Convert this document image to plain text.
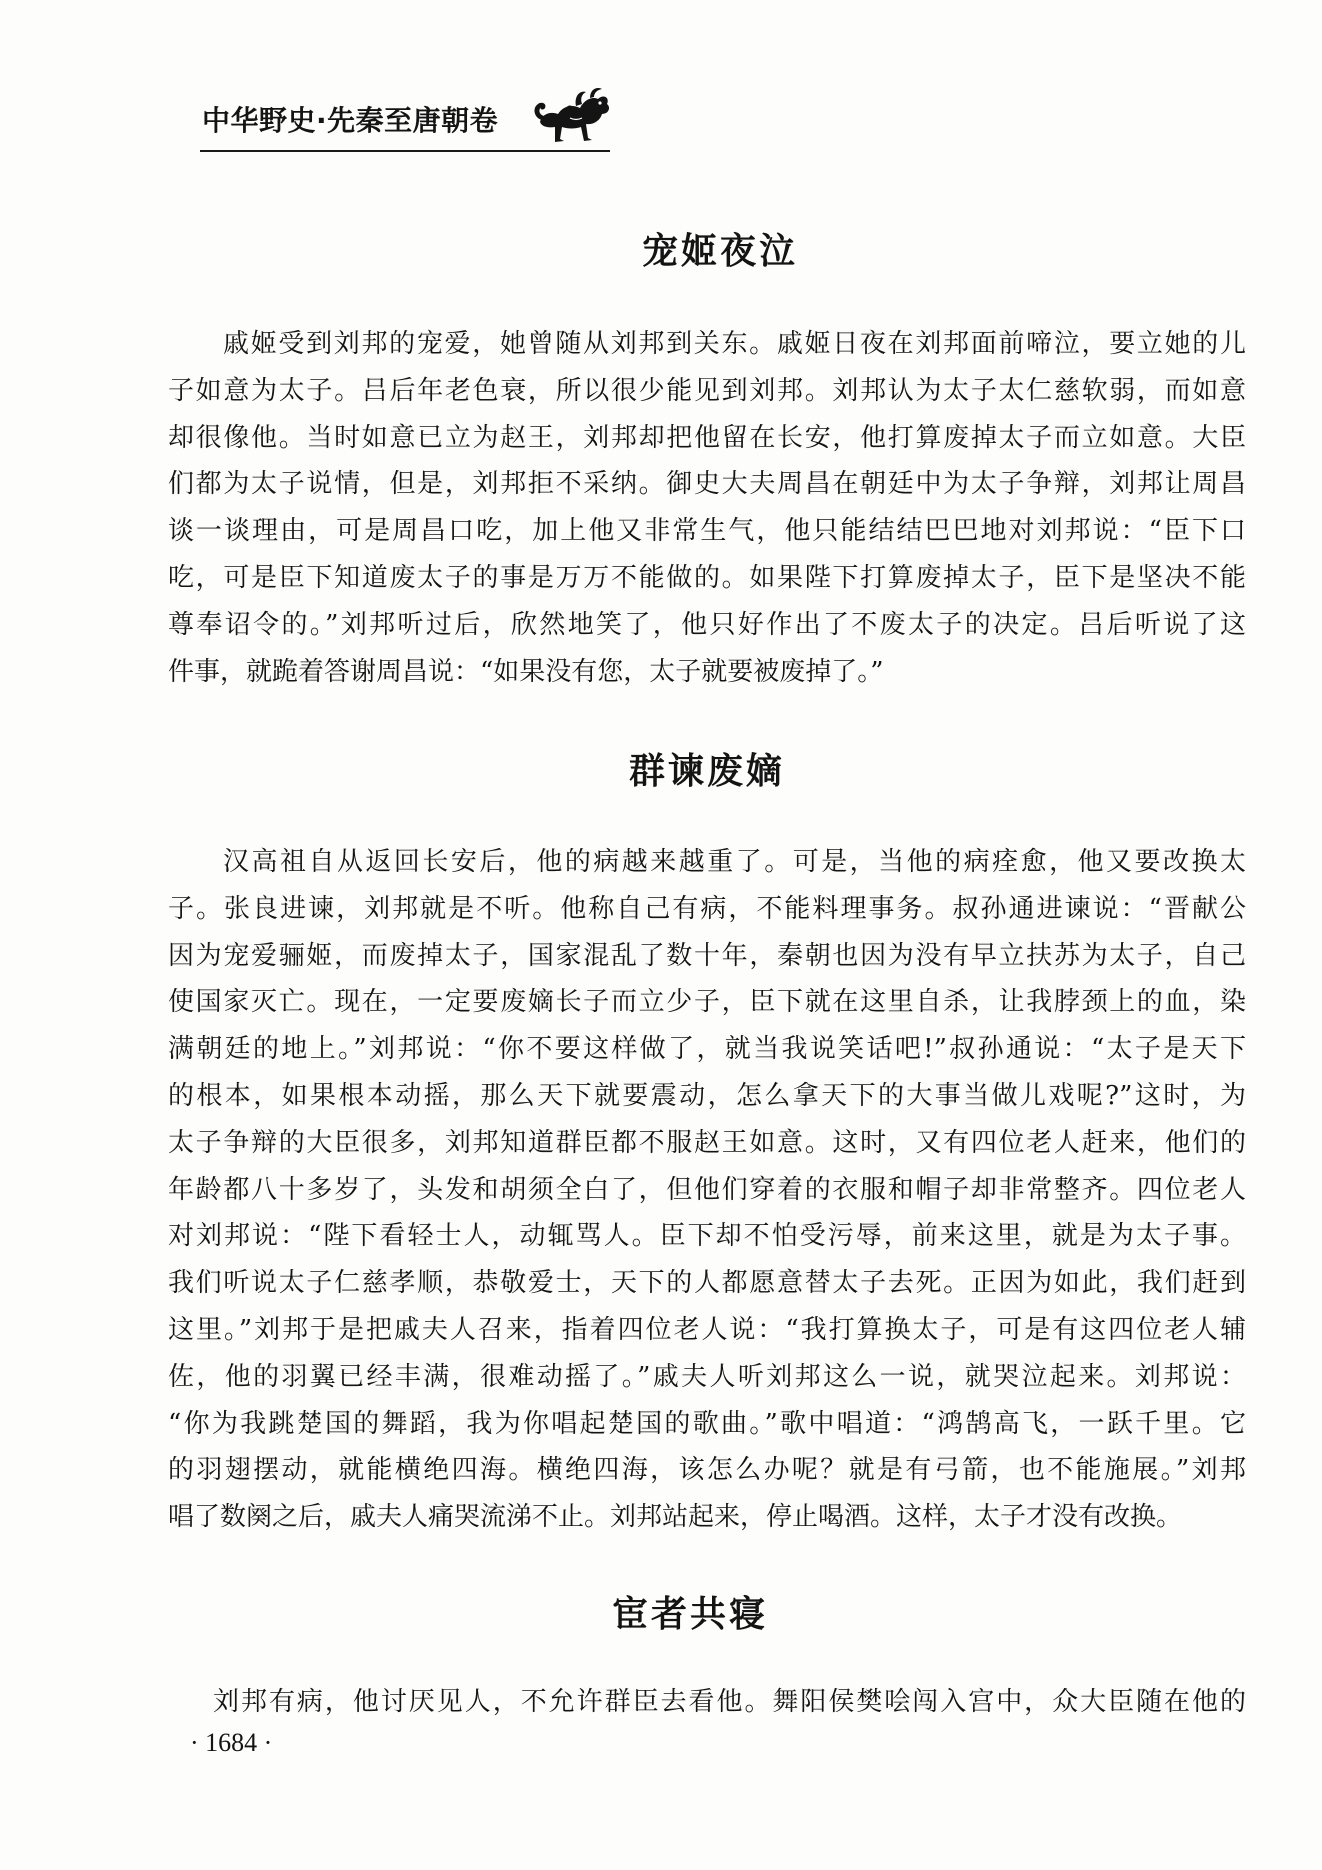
中华野史·先秦至唐朝卷
宠姬夜泣
戚姬受到刘邦的宠爱，她曾随从刘邦到关东。戚姬日夜在刘邦面前啼泣，要立她的儿
子如意为太子。吕后年老色衰，所以很少能见到刘邦。刘邦认为太子太仁慈软弱，而如意
却很像他。当时如意已立为赵王，刘邦却把他留在长安，他打算废掉太子而立如意。大臣
们都为太子说情，但是，刘邦拒不采纳。御史大夫周昌在朝廷中为太子争辩，刘邦让周昌
谈一谈理由，可是周昌口吃，加上他又非常生气，他只能结结巴巴地对刘邦说：“臣下口
吃，可是臣下知道废太子的事是万万不能做的。如果陛下打算废掉太子，臣下是坚决不能
尊奉诏令的。”刘邦听过后，欣然地笑了，他只好作出了不废太子的决定。吕后听说了这
件事，就跪着答谢周昌说：“如果没有您，太子就要被废掉了。”
群谏废嫡
汉高祖自从返回长安后，他的病越来越重了。可是，当他的病痊愈，他又要改换太
子。张良进谏，刘邦就是不听。他称自己有病，不能料理事务。叔孙通进谏说：“晋献公
因为宠爱骊姬，而废掉太子，国家混乱了数十年，秦朝也因为没有早立扶苏为太子，自己
使国家灭亡。现在，一定要废嫡长子而立少子，臣下就在这里自杀，让我脖颈上的血，染
满朝廷的地上。”刘邦说：“你不要这样做了，就当我说笑话吧!”叔孙通说：“太子是天下
的根本，如果根本动摇，那么天下就要震动，怎么拿天下的大事当做儿戏呢?”这时，为
太子争辩的大臣很多，刘邦知道群臣都不服赵王如意。这时，又有四位老人赶来，他们的
年龄都八十多岁了，头发和胡须全白了，但他们穿着的衣服和帽子却非常整齐。四位老人
对刘邦说：“陛下看轻士人，动辄骂人。臣下却不怕受污辱，前来这里，就是为太子事。
我们听说太子仁慈孝顺，恭敬爱士，天下的人都愿意替太子去死。正因为如此，我们赶到
这里。”刘邦于是把戚夫人召来，指着四位老人说：“我打算换太子，可是有这四位老人辅
佐，他的羽翼已经丰满，很难动摇了。”戚夫人听刘邦这么一说，就哭泣起来。刘邦说：
“你为我跳楚国的舞蹈，我为你唱起楚国的歌曲。”歌中唱道：“鸿鹄高飞，一跃千里。它
的羽翅摆动，就能横绝四海。横绝四海，该怎么办呢？就是有弓箭，也不能施展。”刘邦
唱了数阕之后，戚夫人痛哭流涕不止。刘邦站起来，停止喝酒。这样，太子才没有改换。
宦者共寝
刘邦有病，他讨厌见人，不允许群臣去看他。舞阳侯樊哙闯入宫中，众大臣随在他的
· 1684 ·
